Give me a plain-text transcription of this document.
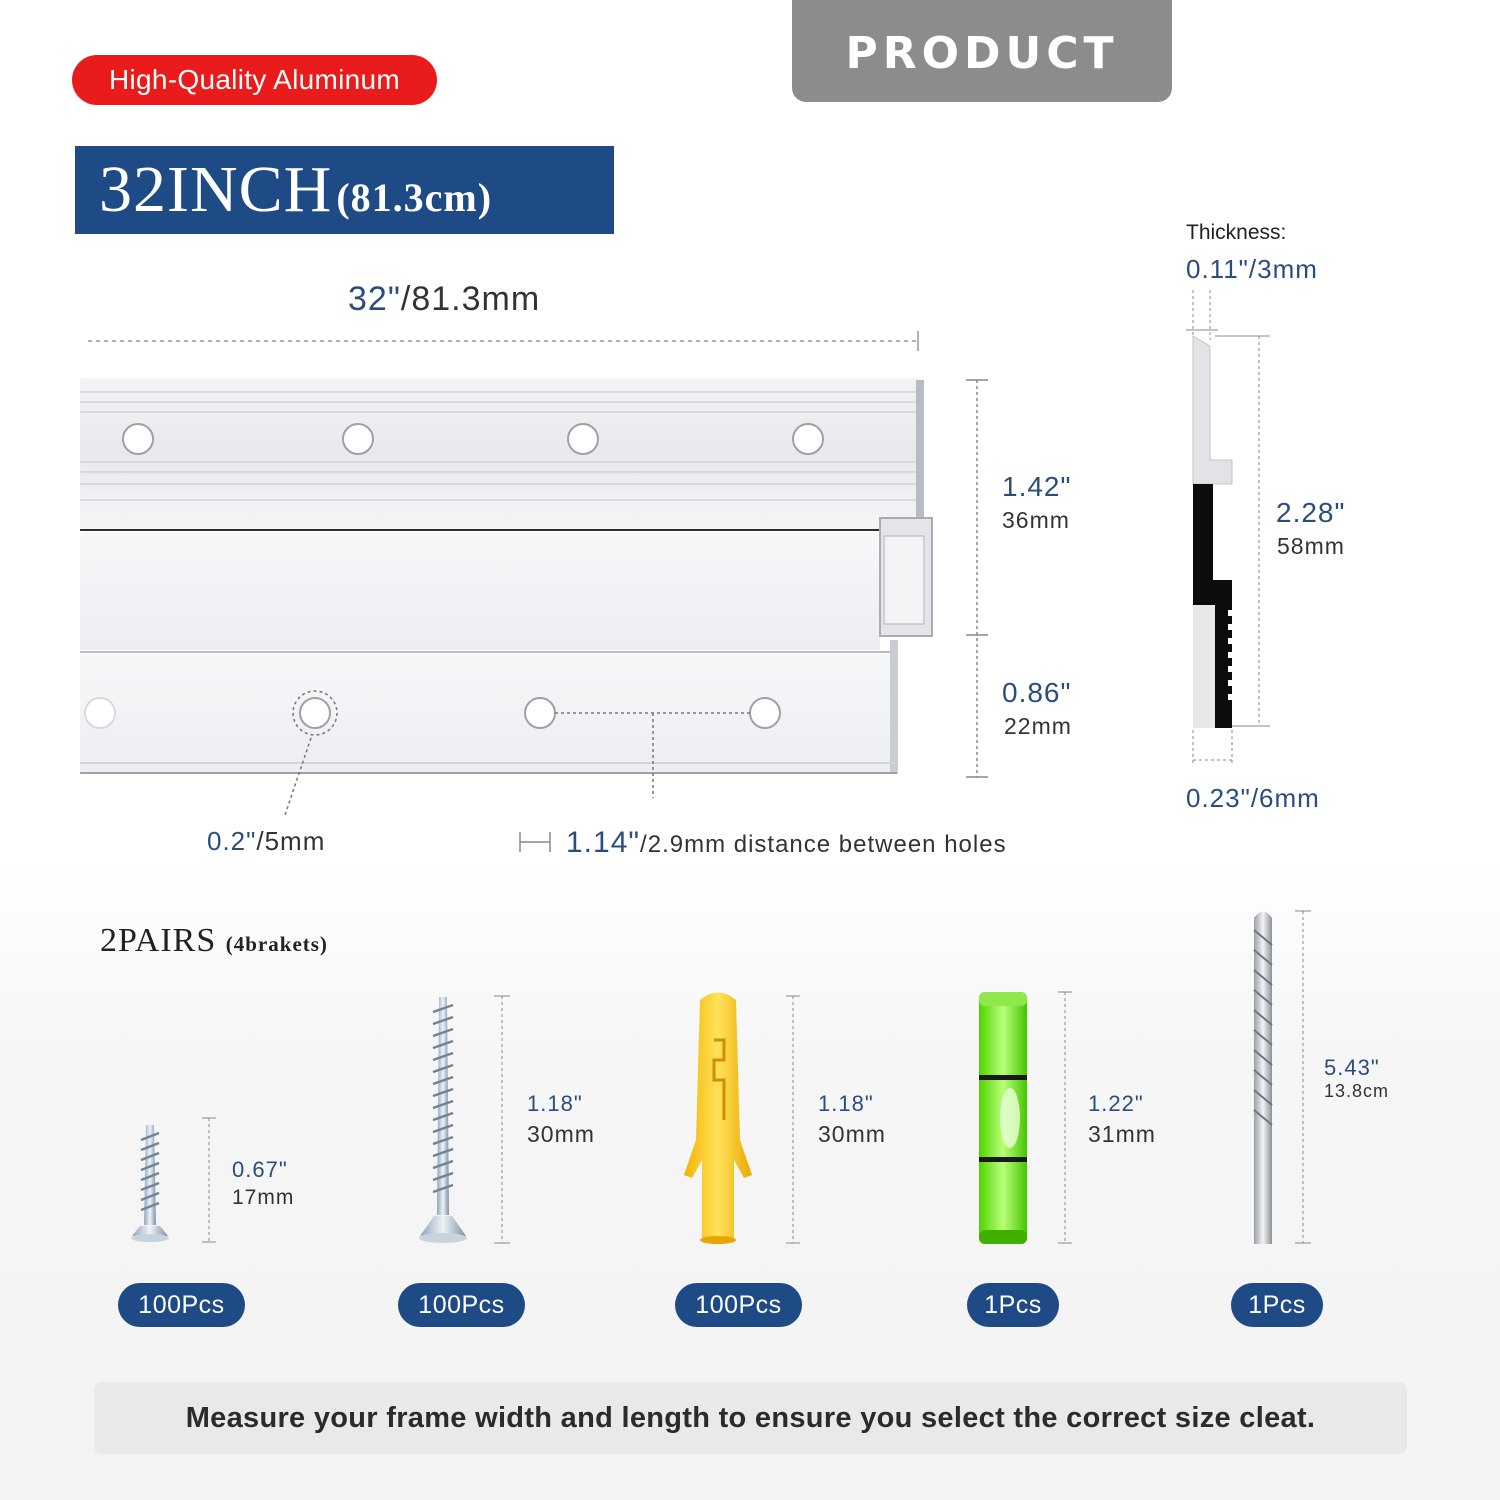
High-Quality Aluminum
PRODUCT SIZE
32INCH (81.3cm)
32"/81.3mm
1.42"
36mm
0.86"
22mm
0.2"/5mm	1.14"/2.9mm distance between holes
Thickness:
0.11"/3mm
2.28"
58mm
0.23"/6mm
2PAIRS (4brakets)
0.67"
17mm
1.18"
30mm
1.18"
30mm
1.22"
31mm
5.43"
13.8cm
100Pcs	100Pcs	100Pcs	1Pcs	1Pcs
Measure your frame width and length to ensure you select the correct size cleat.
